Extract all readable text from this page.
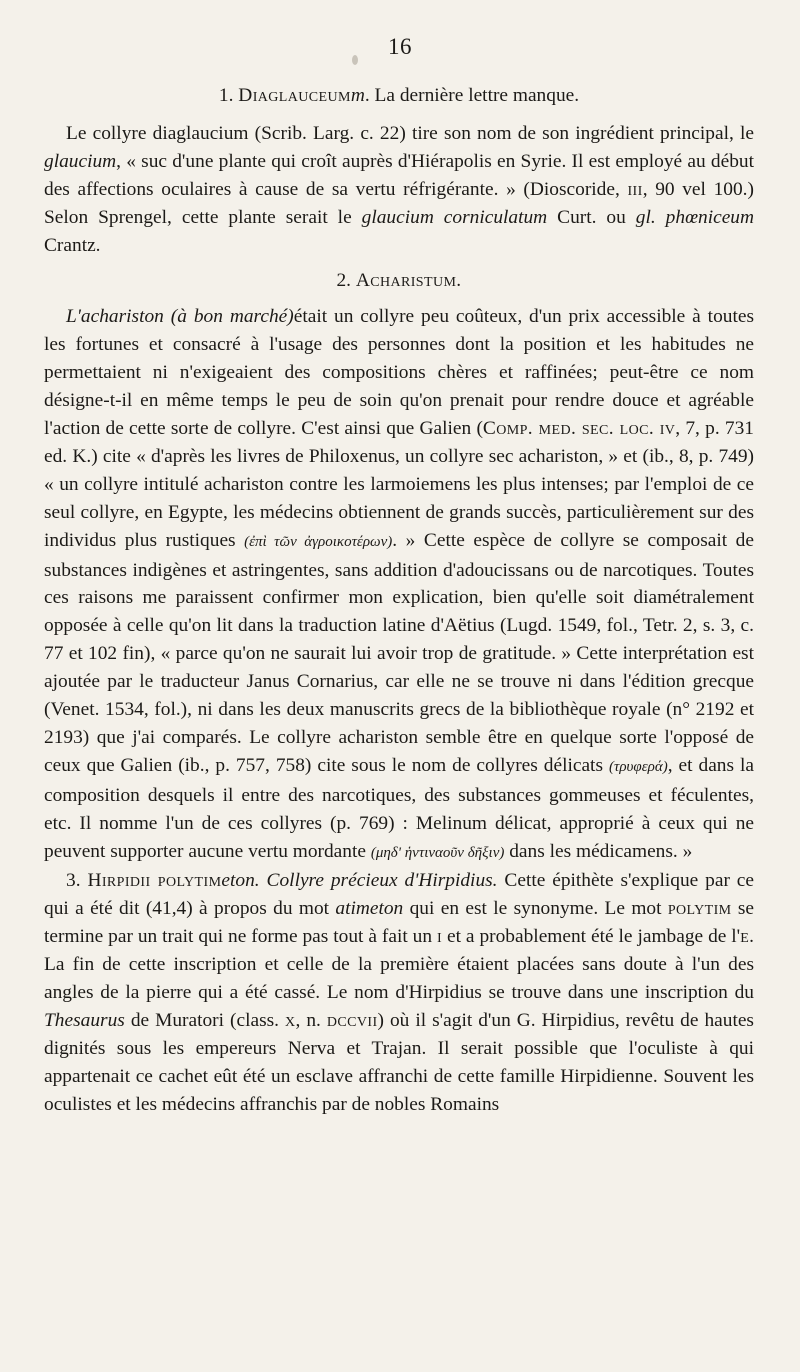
16

1. Diaglauceumm. La dernière lettre manque.

Le collyre diaglaucium (Scrib. Larg. c. 22) tire son nom de son ingrédient principal, le glaucium, « suc d'une plante qui croît auprès d'Hiérapolis en Syrie. Il est employé au début des affections oculaires à cause de sa vertu réfrigérante. » (Dioscoride, iii, 90 vel 100.) Selon Sprengel, cette plante serait le glaucium corniculatum Curt. ou gl. phœniceum Crantz.

2. Acharistum.

L'achariston (à bon marché)était un collyre peu coûteux, d'un prix accessible à toutes les fortunes et consacré à l'usage des personnes dont la position et les habitudes ne permettaient ni n'exigeaient des compositions chères et raffinées; peut-être ce nom désigne-t-il en même temps le peu de soin qu'on prenait pour rendre douce et agréable l'action de cette sorte de collyre. C'est ainsi que Galien (Comp. med. sec. loc. iv, 7, p. 731 ed. K.) cite « d'après les livres de Philoxenus, un collyre sec achariston, » et (ib., 8, p. 749) « un collyre intitulé achariston contre les larmoiemens les plus intenses; par l'emploi de ce seul collyre, en Egypte, les médecins obtiennent de grands succès, particulièrement sur des individus plus rustiques (ἐπὶ τῶν ἀγροικοτέρων). » Cette espèce de collyre se composait de substances indigènes et astringentes, sans addition d'adoucissans ou de narcotiques. Toutes ces raisons me paraissent confirmer mon explication, bien qu'elle soit diamétralement opposée à celle qu'on lit dans la traduction latine d'Aëtius (Lugd. 1549, fol., Tetr. 2, s. 3, c. 77 et 102 fin), « parce qu'on ne saurait lui avoir trop de gratitude. » Cette interprétation est ajoutée par le traducteur Janus Cornarius, car elle ne se trouve ni dans l'édition grecque (Venet. 1534, fol.), ni dans les deux manuscrits grecs de la bibliothèque royale (n° 2192 et 2193) que j'ai comparés. Le collyre achariston semble être en quelque sorte l'opposé de ceux que Galien (ib., p. 757, 758) cite sous le nom de collyres délicats (τρυφερά), et dans la composition desquels il entre des narcotiques, des substances gommeuses et féculentes, etc. Il nomme l'un de ces collyres (p. 769) : Melinum délicat, approprié à ceux qui ne peuvent supporter aucune vertu mordante (μηδ' ἡντιναοῦν δῆξιν) dans les médicamens. »

3. Hirpidii polytimeton. Collyre précieux d'Hirpidius. Cette épithète s'explique par ce qui a été dit (41,4) à propos du mot atimeton qui en est le synonyme. Le mot polytim se termine par un trait qui ne forme pas tout à fait un i et a probablement été le jambage de l'e. La fin de cette inscription et celle de la première étaient placées sans doute à l'un des angles de la pierre qui a été cassé. Le nom d'Hirpidius se trouve dans une inscription du Thesaurus de Muratori (class. x, n. dccvii) où il s'agit d'un G. Hirpidius, revêtu de hautes dignités sous les empereurs Nerva et Trajan. Il serait possible que l'oculiste à qui appartenait ce cachet eût été un esclave affranchi de cette famille Hirpidienne. Souvent les oculistes et les médecins affranchis par de nobles Romains
